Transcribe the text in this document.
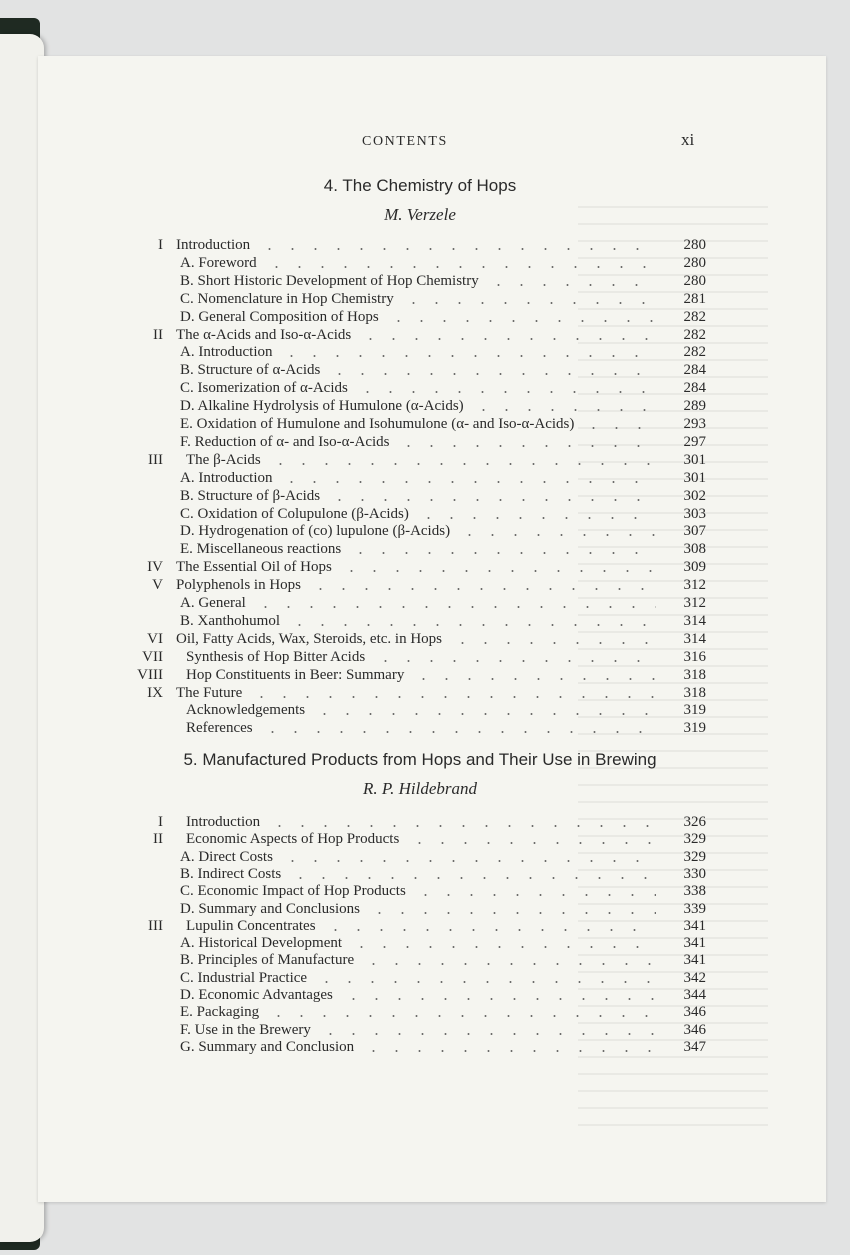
CONTENTS	xi
4. The Chemistry of Hops
M. Verzele
I Introduction	280
A. Foreword	280
B. Short Historic Development of Hop Chemistry	280
C. Nomenclature in Hop Chemistry	281
D. General Composition of Hops	282
II The α-Acids and Iso-α-Acids	282
A. Introduction	282
B. Structure of α-Acids	284
C. Isomerization of α-Acids	284
D. Alkaline Hydrolysis of Humulone (α-Acids)	289
E. Oxidation of Humulone and Isohumulone (α- and Iso-α-Acids)	293
F. Reduction of α- and Iso-α-Acids	297
III The β-Acids	301
A. Introduction	301
B. Structure of β-Acids	302
C. Oxidation of Colupulone (β-Acids)	303
D. Hydrogenation of (co) lupulone (β-Acids)	307
E. Miscellaneous reactions	308
IV The Essential Oil of Hops	309
V Polyphenols in Hops	312
A. General	312
B. Xanthohumol	314
VI Oil, Fatty Acids, Wax, Steroids, etc. in Hops	314
VII Synthesis of Hop Bitter Acids	316
VIII Hop Constituents in Beer: Summary	318
IX The Future	318
Acknowledgements	319
References	319
5. Manufactured Products from Hops and Their Use in Brewing
R. P. Hildebrand
I Introduction	326
II Economic Aspects of Hop Products	329
A. Direct Costs	329
B. Indirect Costs	330
C. Economic Impact of Hop Products	338
D. Summary and Conclusions	339
III Lupulin Concentrates	341
A. Historical Development	341
B. Principles of Manufacture	341
C. Industrial Practice	342
D. Economic Advantages	344
E. Packaging	346
F. Use in the Brewery	346
G. Summary and Conclusion	347
